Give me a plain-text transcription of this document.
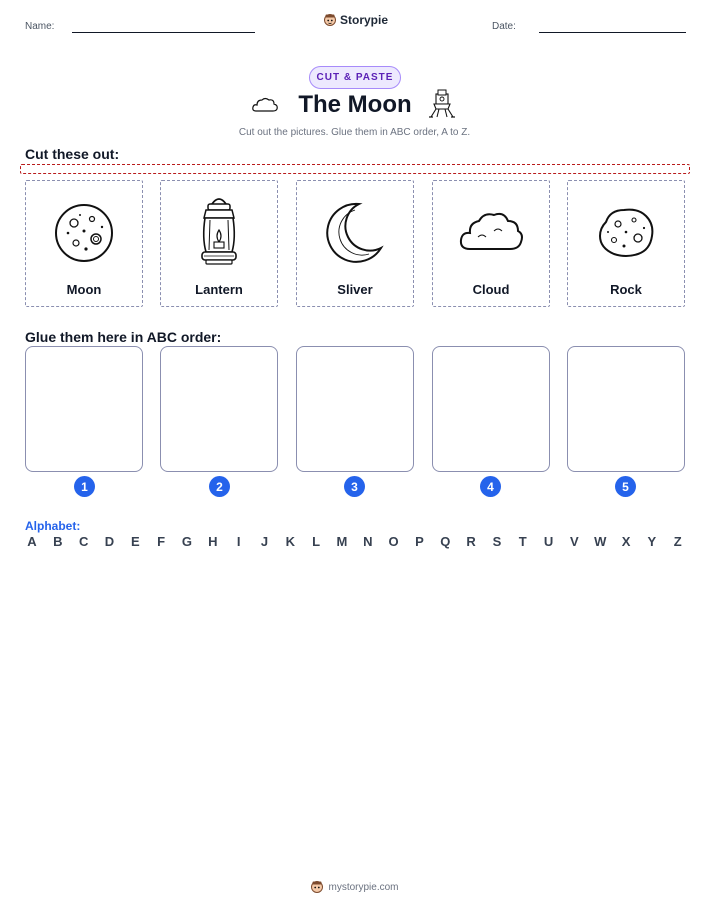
Name:	Storypie	Date:
CUT & PASTE
The Moon
Cut out the pictures. Glue them in ABC order, A to Z.
Cut these out:
Moon	Lantern	Sliver	Cloud	Rock
Glue them here in ABC order:
1	2	3	4	5
Alphabet:
A B C D E F G H	I	J K L M N O P Q R S T U V W X Y Z
mystorypie.com
